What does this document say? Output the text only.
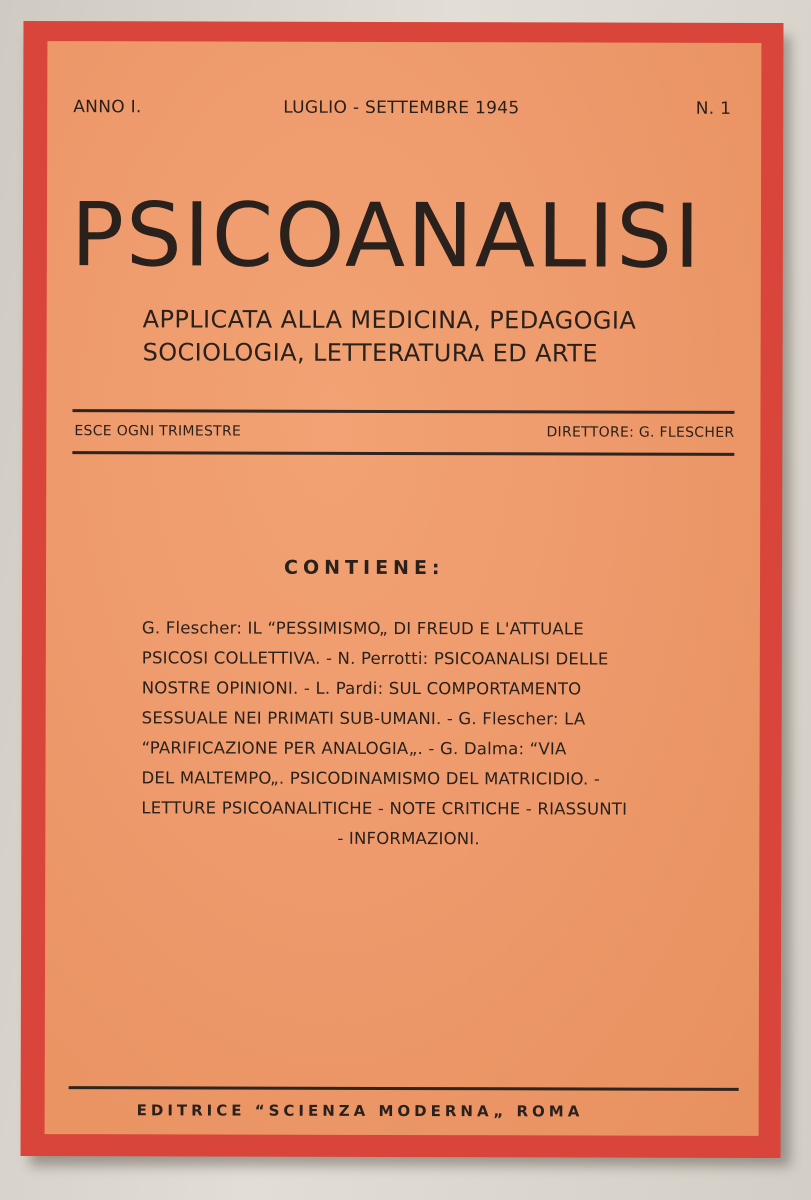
ANNO I.	LUGLIO - SETTEMBRE 1945	N. 1
PSICOANALISI
APPLICATA ALLA MEDICINA, PEDAGOGIA
SOCIOLOGIA, LETTERATURA ED ARTE
ESCE OGNI TRIMESTRE	DIRETTORE: G. FLESCHER
CONTIENE:
G. Flescher: IL “PESSIMISMO„ DI FREUD E L'ATTUALE
PSICOSI COLLETTIVA. - N. Perrotti: PSICOANALISI DELLE
NOSTRE OPINIONI. - L. Pardi: SUL COMPORTAMENTO
SESSUALE NEI PRIMATI SUB-UMANI. - G. Flescher: LA
“PARIFICAZIONE PER ANALOGIA„. - G. Dalma: “VIA
DEL MALTEMPO„. PSICODINAMISMO DEL MATRICIDIO. -
LETTURE PSICOANALITICHE - NOTE CRITICHE - RIASSUNTI
- INFORMAZIONI.
EDITRICE “SCIENZA MODERNA„ ROMA
